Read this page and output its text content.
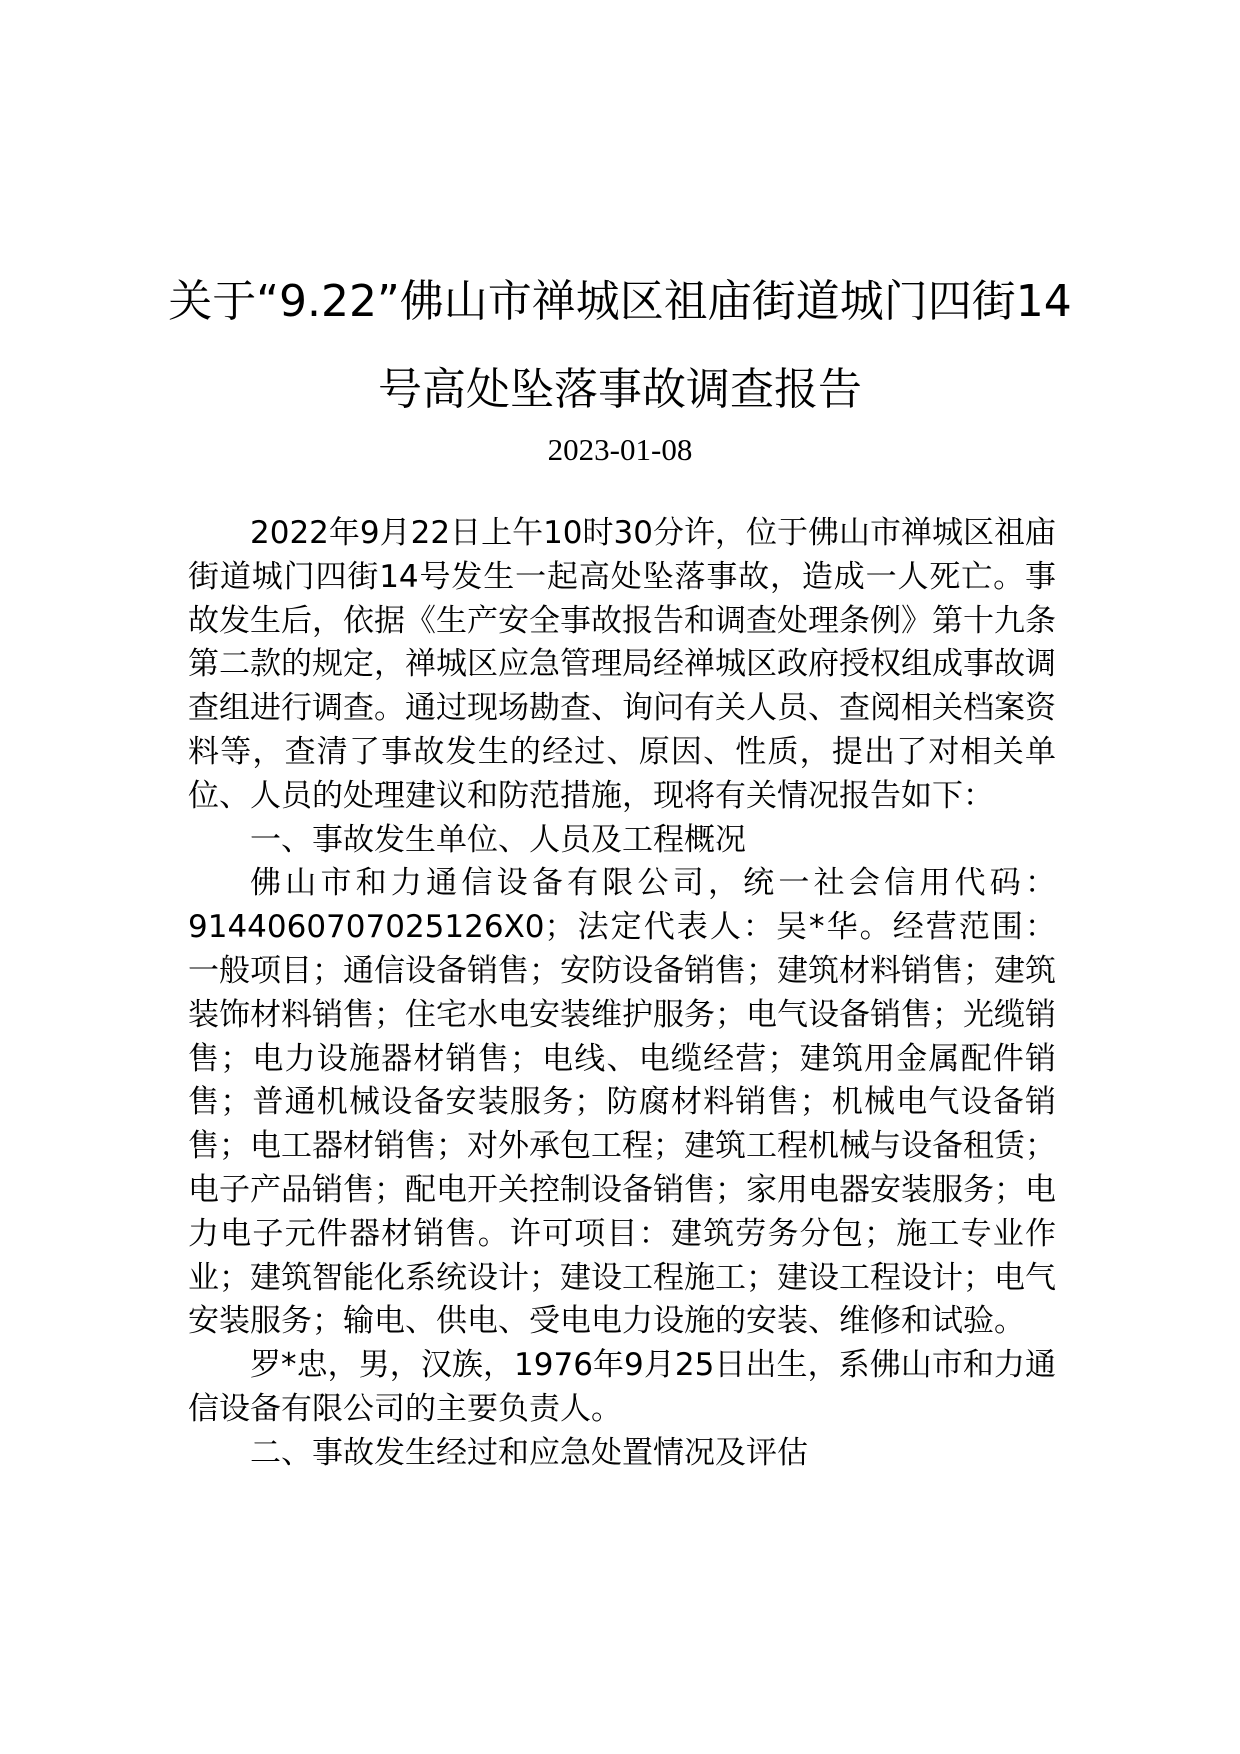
关于“9.22”佛山市禅城区祖庙街道城门四街14号高处坠落事故调查报告
2023-01-08

2022年9月22日上午10时30分许，位于佛山市禅城区祖庙街道城门四街14号发生一起高处坠落事故，造成一人死亡。事故发生后，依据《生产安全事故报告和调查处理条例》第十九条第二款的规定，禅城区应急管理局经禅城区政府授权组成事故调查组进行调查。通过现场勘查、询问有关人员、查阅相关档案资料等，查清了事故发生的经过、原因、性质，提出了对相关单位、人员的处理建议和防范措施，现将有关情况报告如下：

一、事故发生单位、人员及工程概况

佛山市和力通信设备有限公司，统一社会信用代码：9144060707025126X0；法定代表人：吴*华。经营范围：一般项目；通信设备销售；安防设备销售；建筑材料销售；建筑装饰材料销售；住宅水电安装维护服务；电气设备销售；光缆销售；电力设施器材销售；电线、电缆经营；建筑用金属配件销售；普通机械设备安装服务；防腐材料销售；机械电气设备销售；电工器材销售；对外承包工程；建筑工程机械与设备租赁；电子产品销售；配电开关控制设备销售；家用电器安装服务；电力电子元件器材销售。许可项目：建筑劳务分包；施工专业作业；建筑智能化系统设计；建设工程施工；建设工程设计；电气安装服务；输电、供电、受电电力设施的安装、维修和试验。

罗*忠，男，汉族，1976年9月25日出生，系佛山市和力通信设备有限公司的主要负责人。

二、事故发生经过和应急处置情况及评估
